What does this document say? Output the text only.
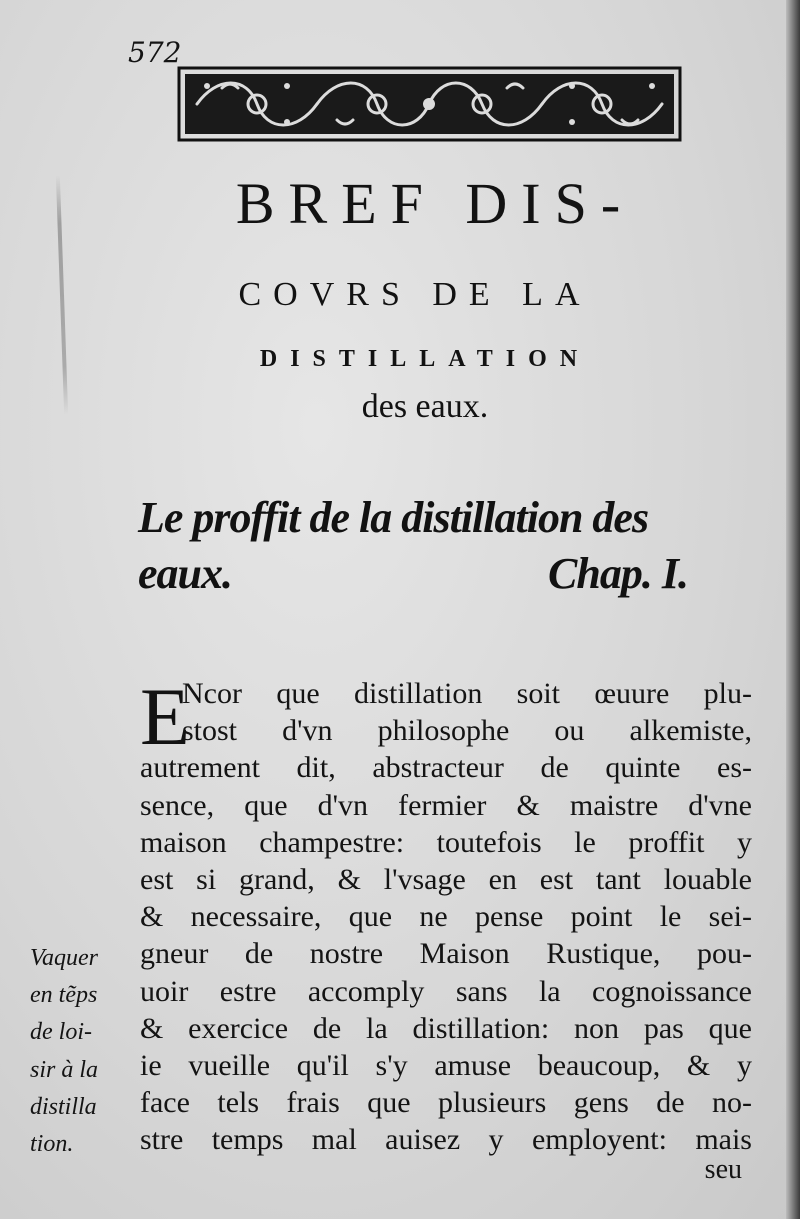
572
BREF DIS-
COVRS DE LA
DISTILLATION
des eaux.
Le proffit de la distillation des
eaux.	Chap. I.
E
Ncor que distillation soit œuure plu-
stost d'vn philosophe ou alkemiste,
autrement dit, abstracteur de quinte es-
sence, que d'vn fermier & maistre d'vne
maison champestre: toutefois le proffit y
est si grand, & l'vsage en est tant louable
& necessaire, que ne pense point le sei-
gneur de nostre Maison Rustique, pou-
uoir estre accomply sans la cognoissance
& exercice de la distillation: non pas que
ie vueille qu'il s'y amuse beaucoup, & y
face tels frais que plusieurs gens de no-
stre temps mal auisez y employent: mais
Vaquer
en tẽps
de loi-
sir à la
distilla
tion.
seu
